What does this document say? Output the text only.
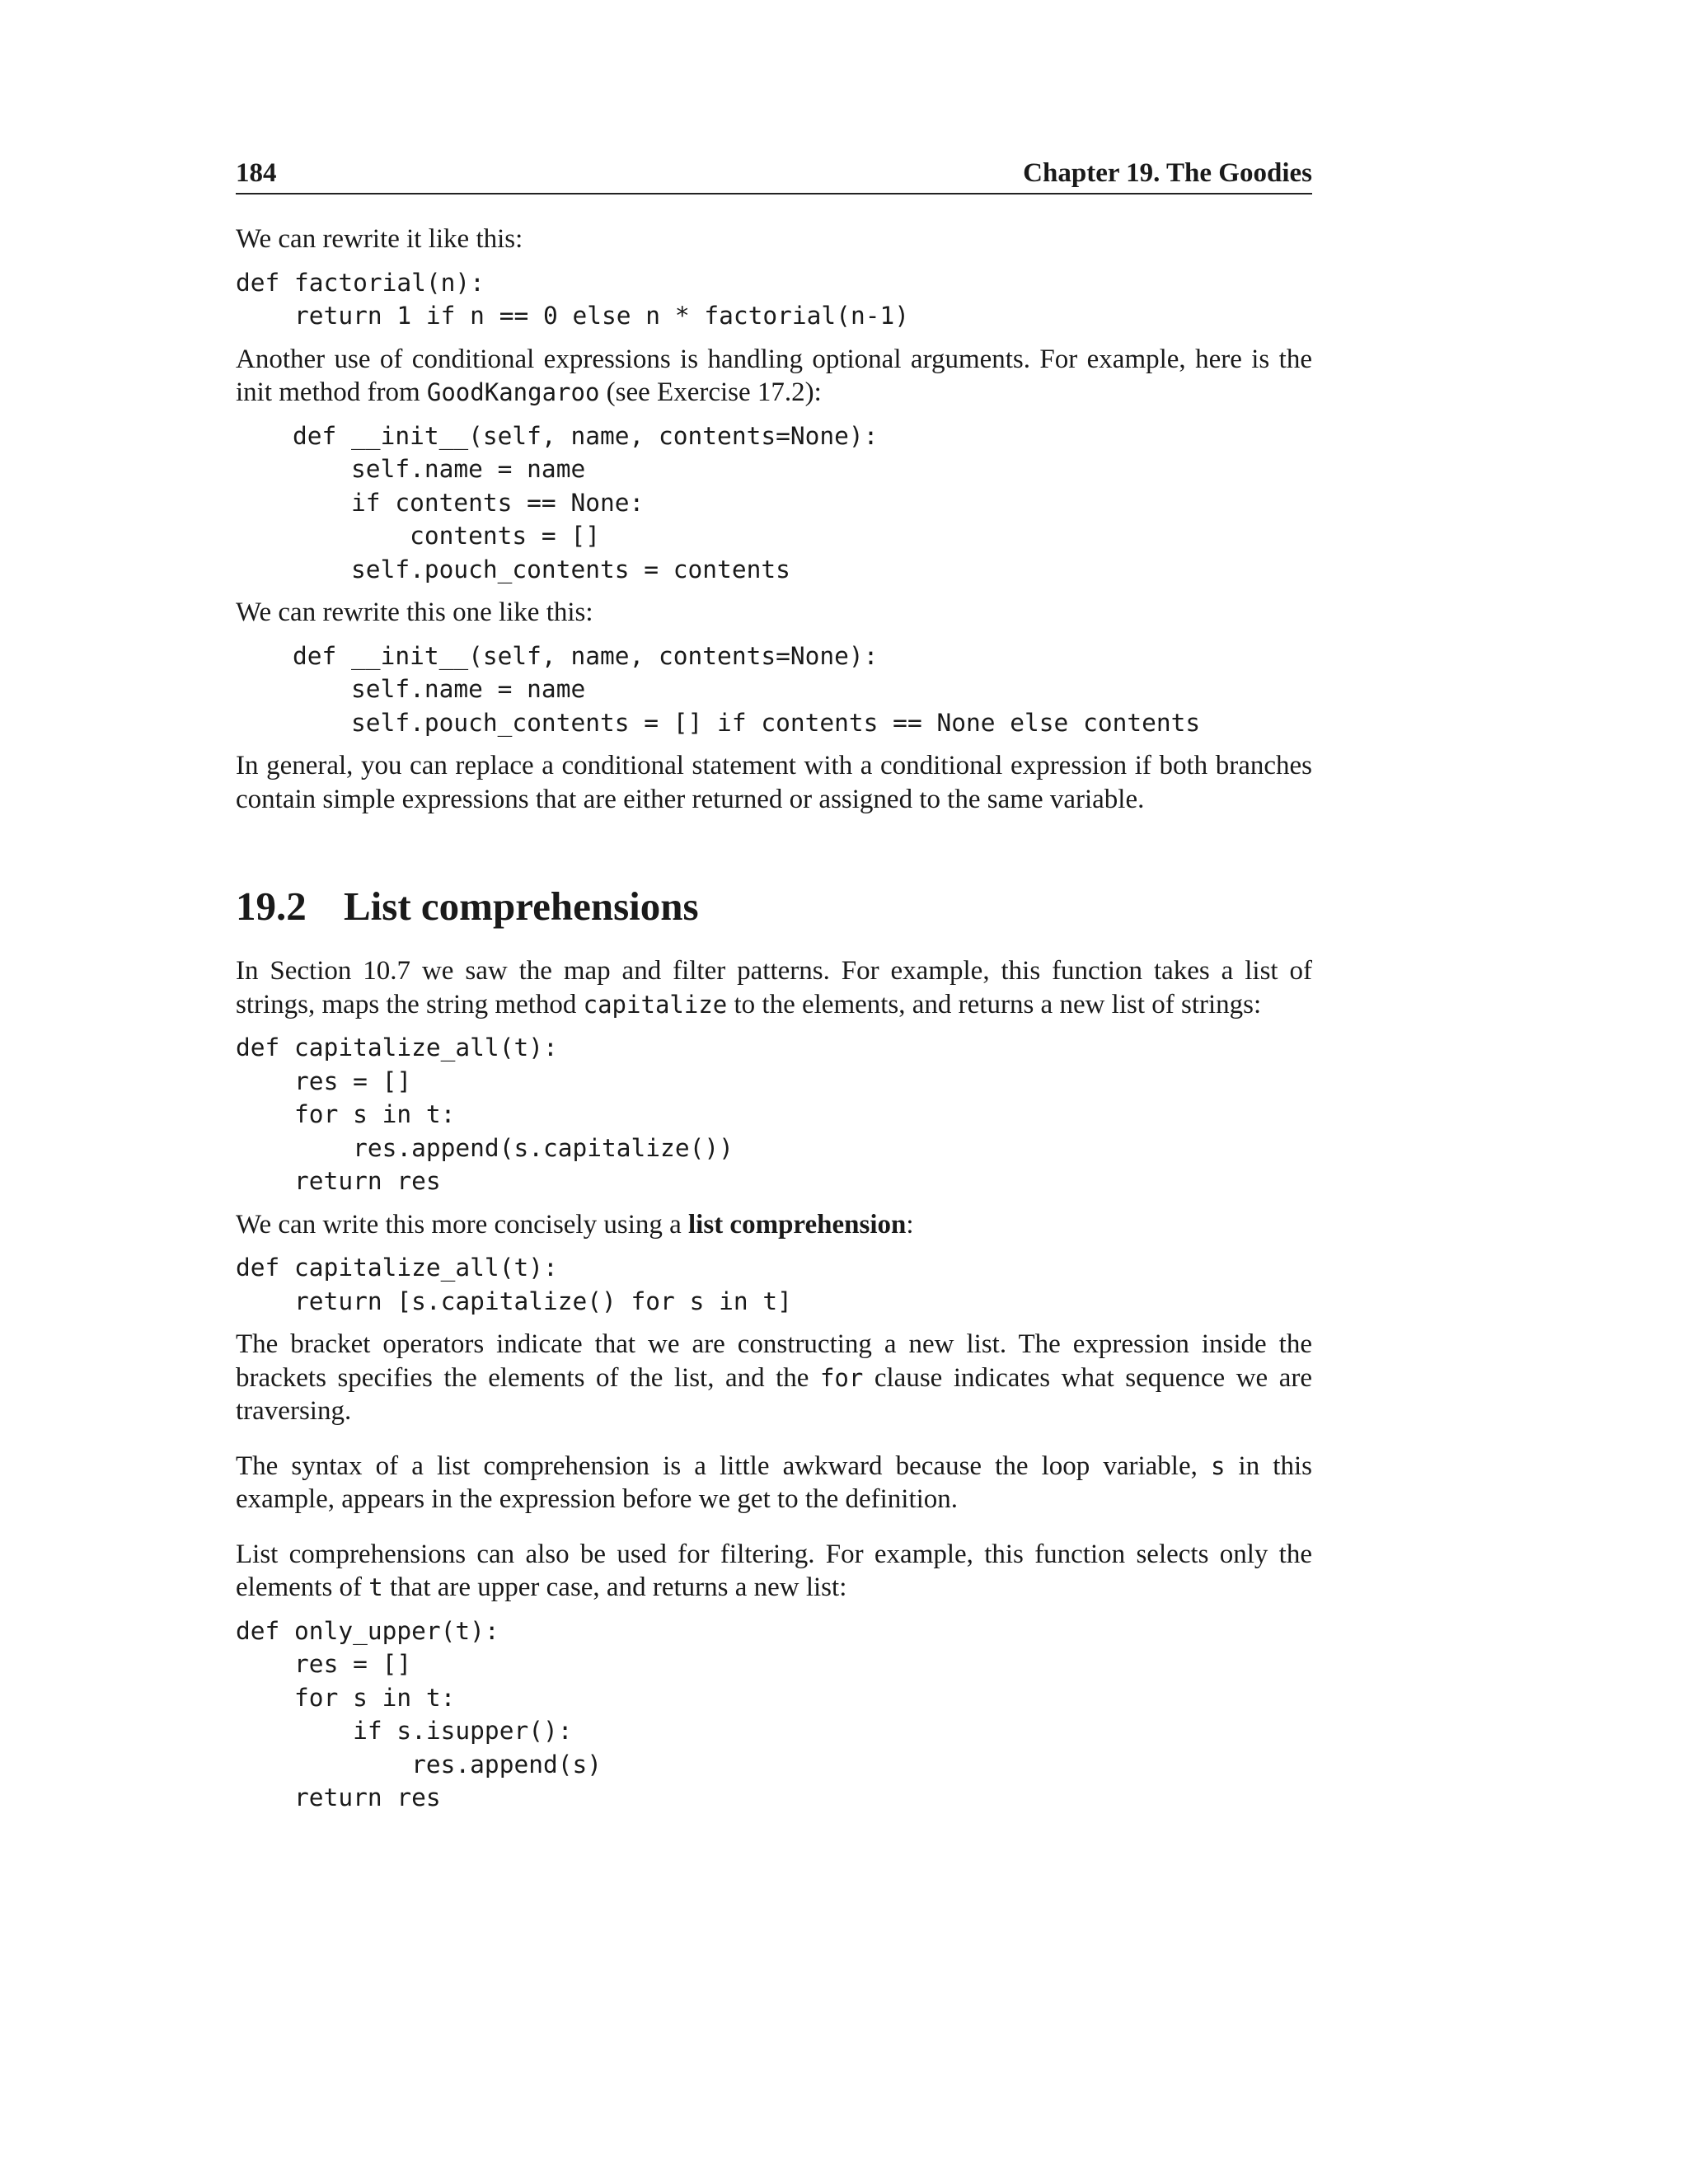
184	Chapter 19. The Goodies

We can rewrite it like this:

def factorial(n):
return 1 if n == 0 else n * factorial(n-1)

Another use of conditional expressions is handling optional arguments. For example, here is the init method from GoodKangaroo (see Exercise 17.2):

def __init__(self, name, contents=None):
self.name = name
if contents == None:
contents = []
self.pouch_contents = contents

We can rewrite this one like this:

def __init__(self, name, contents=None):
self.name = name
self.pouch_contents = [] if contents == None else contents

In general, you can replace a conditional statement with a conditional expression if both branches contain simple expressions that are either returned or assigned to the same variable.

19.2 List comprehensions

In Section 10.7 we saw the map and filter patterns. For example, this function takes a list of strings, maps the string method capitalize to the elements, and returns a new list of strings:

def capitalize_all(t):
res = []
for s in t:
res.append(s.capitalize())
return res

We can write this more concisely using a list comprehension:

def capitalize_all(t):
return [s.capitalize() for s in t]

The bracket operators indicate that we are constructing a new list. The expression inside the brackets specifies the elements of the list, and the for clause indicates what sequence we are traversing.

The syntax of a list comprehension is a little awkward because the loop variable, s in this example, appears in the expression before we get to the definition.

List comprehensions can also be used for filtering. For example, this function selects only the elements of t that are upper case, and returns a new list:

def only_upper(t):
res = []
for s in t:
if s.isupper():
res.append(s)
return res
